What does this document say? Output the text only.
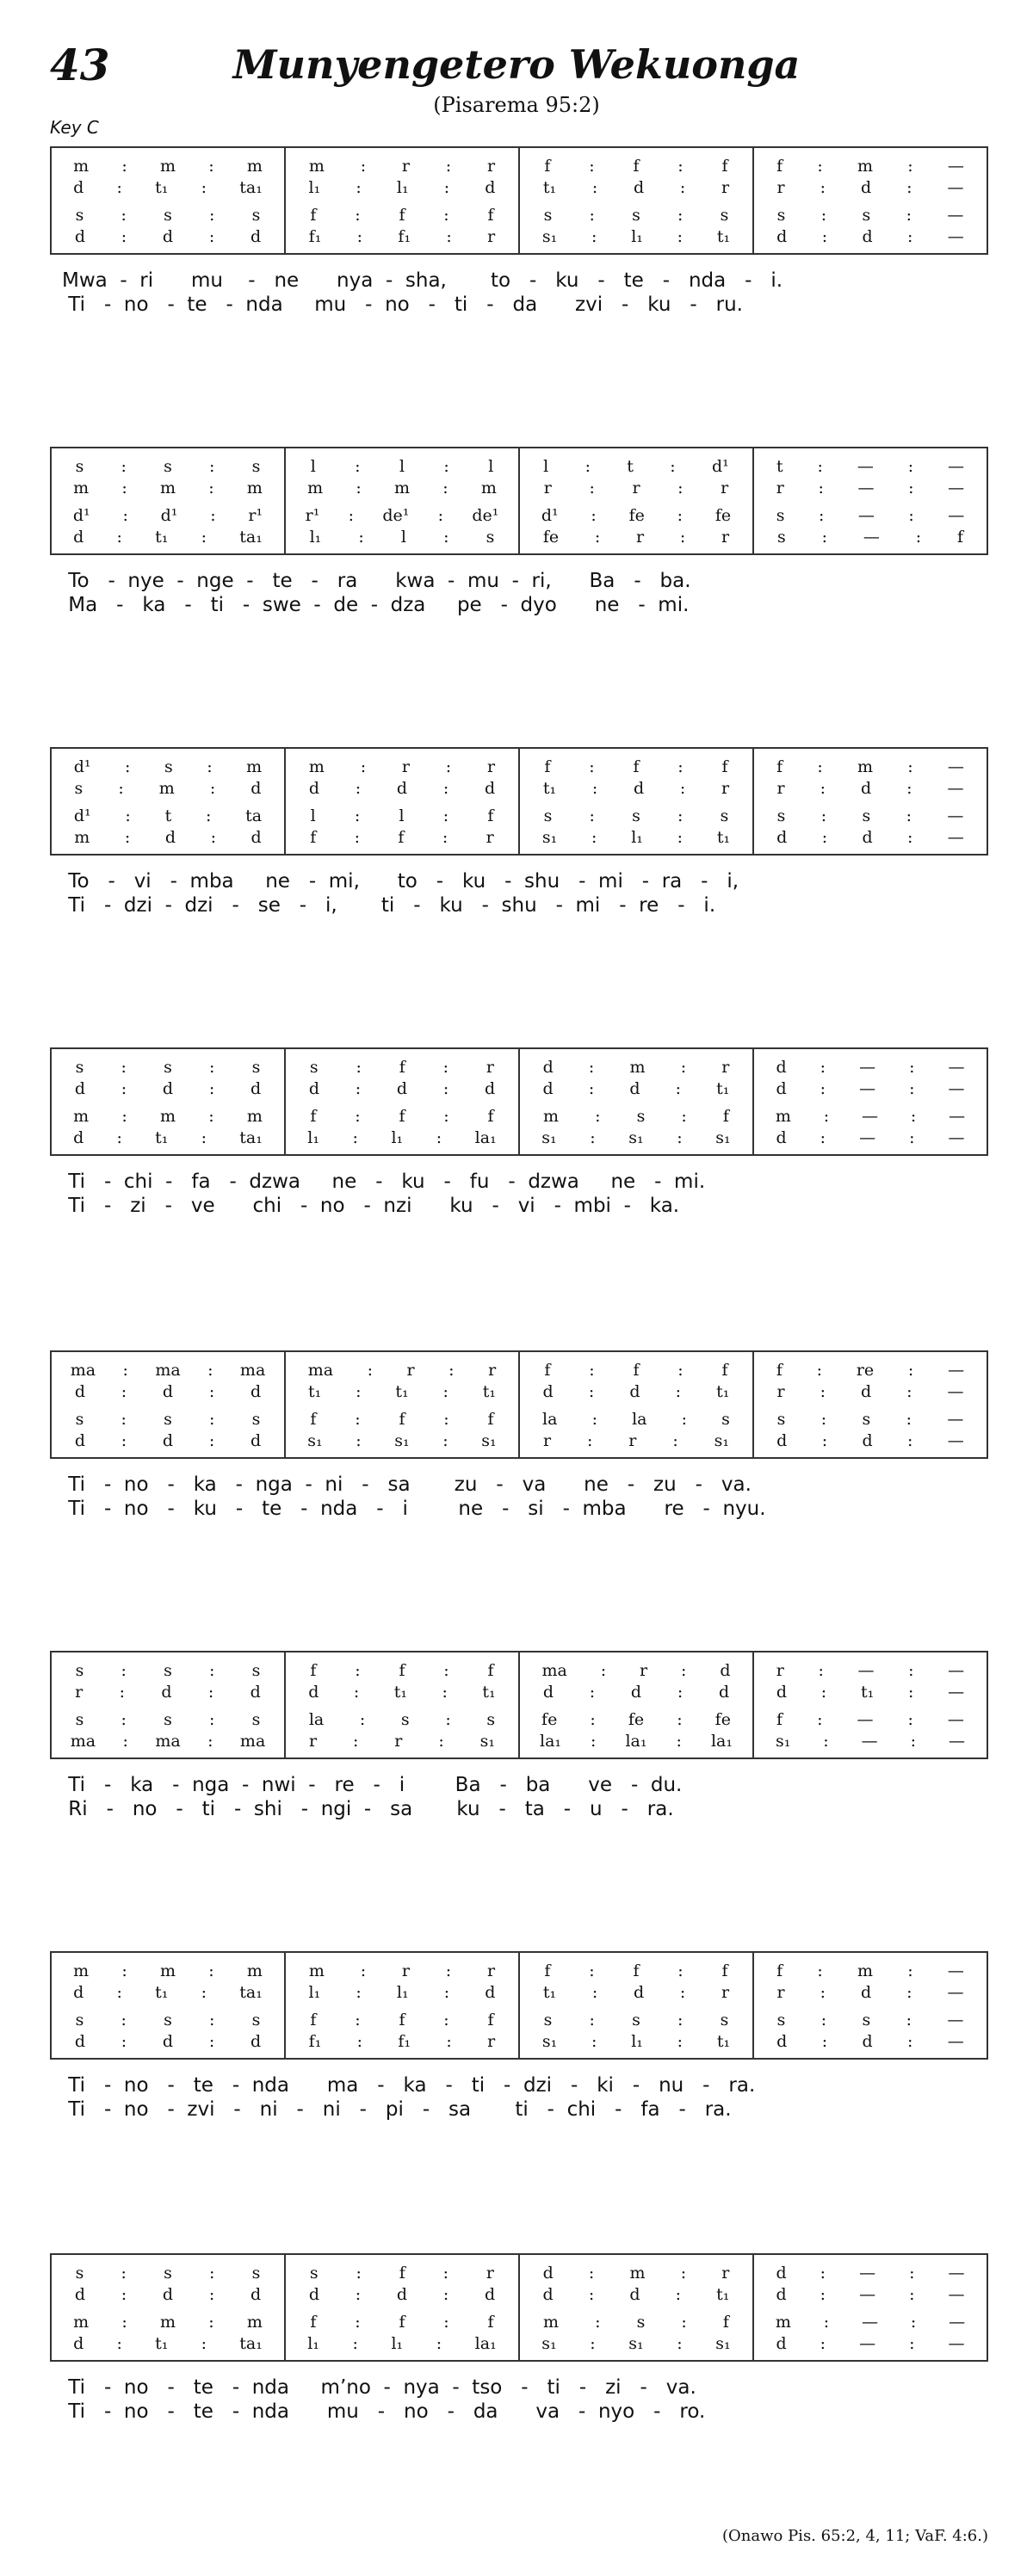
43	Munyengetero Wekuonga
(Pisarema 95:2)
Key C
m : m : m
d : t₁ : ta₁
s : s : s
d : d : d
m : r : r
l₁ : l₁ : d
f : f : f
f₁ : f₁ : r
f : f : f
t₁ : d : r
s : s : s
s₁ : l₁ : t₁
f : m : —
r : d : —
s : s : —
d : d : —
Mwa  -  ri      mu    -   ne      nya  -  sha,       to   -   ku   -   te   -   nda   -   i.
Ti   -  no   -  te   -  nda     mu   -  no   -   ti   -   da      zvi   -   ku   -   ru.
s : s : s
m : m : m
d¹ : d¹ : r¹
d : t₁ : ta₁
l : l : l
m : m : m
r¹ : de¹ : de¹
l₁ : l : s
l : t : d¹
r : r : r
d¹ : fe : fe
fe : r : r
t : — : —
r : — : —
s : — : —
s : — : f
To   -  nye  -  nge  -   te   -   ra      kwa  -  mu  -  ri,      Ba   -   ba.
Ma   -   ka   -   ti   -  swe  -  de  -  dza     pe   -  dyo      ne   -  mi.
d¹ : s : m
s : m : d
d¹ : t : ta
m : d : d
m : r : r
d : d : d
l : l : f
f : f : r
f : f : f
t₁ : d : r
s : s : s
s₁ : l₁ : t₁
f : m : —
r : d : —
s : s : —
d : d : —
To   -   vi   -  mba     ne   -  mi,      to   -   ku   -  shu   -  mi   -  ra   -   i,
Ti   -  dzi  -  dzi   -   se   -   i,       ti   -   ku   -  shu   -  mi   -  re   -   i.
s : s : s
d : d : d
m : m : m
d : t₁ : ta₁
s : f : r
d : d : d
f : f : f
l₁ : l₁ : la₁
d : m : r
d : d : t₁
m : s : f
s₁ : s₁ : s₁
d : — : —
d : — : —
m : — : —
d : — : —
Ti   -  chi  -   fa   -  dzwa     ne   -   ku   -   fu   -  dzwa     ne   -  mi.
Ti   -   zi   -   ve      chi   -  no   -  nzi      ku   -   vi   -  mbi  -   ka.
ma : ma : ma
d : d : d
s : s : s
d : d : d
ma : r : r
t₁ : t₁ : t₁
f : f : f
s₁ : s₁ : s₁
f : f : f
d : d : t₁
la : la : s
r : r : s₁
f : re : —
r : d : —
s : s : —
d : d : —
Ti   -  no   -   ka   -  nga  -  ni   -   sa       zu   -   va      ne   -   zu   -   va.
Ti   -  no   -   ku   -   te   -  nda   -   i        ne   -   si   -  mba      re   -  nyu.
s : s : s
r : d : d
s : s : s
ma : ma : ma
f : f : f
d : t₁ : t₁
la : s : s
r : r : s₁
ma : r : d
d : d : d
fe : fe : fe
la₁ : la₁ : la₁
r : — : —
d : t₁ : —
f : — : —
s₁ : — : —
Ti   -   ka   -  nga  -  nwi  -   re   -   i        Ba   -   ba      ve   -  du.
Ri   -   no   -   ti   -  shi   -  ngi  -   sa       ku   -   ta   -   u   -   ra.
m : m : m
d : t₁ : ta₁
s : s : s
d : d : d
m : r : r
l₁ : l₁ : d
f : f : f
f₁ : f₁ : r
f : f : f
t₁ : d : r
s : s : s
s₁ : l₁ : t₁
f : m : —
r : d : —
s : s : —
d : d : —
Ti   -  no   -   te   -  nda      ma   -   ka   -   ti   -  dzi   -   ki   -   nu   -   ra.
Ti   -  no   -  zvi   -   ni   -   ni   -   pi   -   sa       ti   -  chi   -   fa   -   ra.
s : s : s
d : d : d
m : m : m
d : t₁ : ta₁
s : f : r
d : d : d
f : f : f
l₁ : l₁ : la₁
d : m : r
d : d : t₁
m : s : f
s₁ : s₁ : s₁
d : — : —
d : — : —
m : — : —
d : — : —
Ti   -  no   -   te   -  nda     m’no  -  nya  -  tso   -   ti   -   zi   -   va.
Ti   -  no   -   te   -  nda      mu   -   no   -   da      va   -  nyo   -   ro.
(Onawo Pis. 65:2, 4, 11; VaF. 4:6.)
